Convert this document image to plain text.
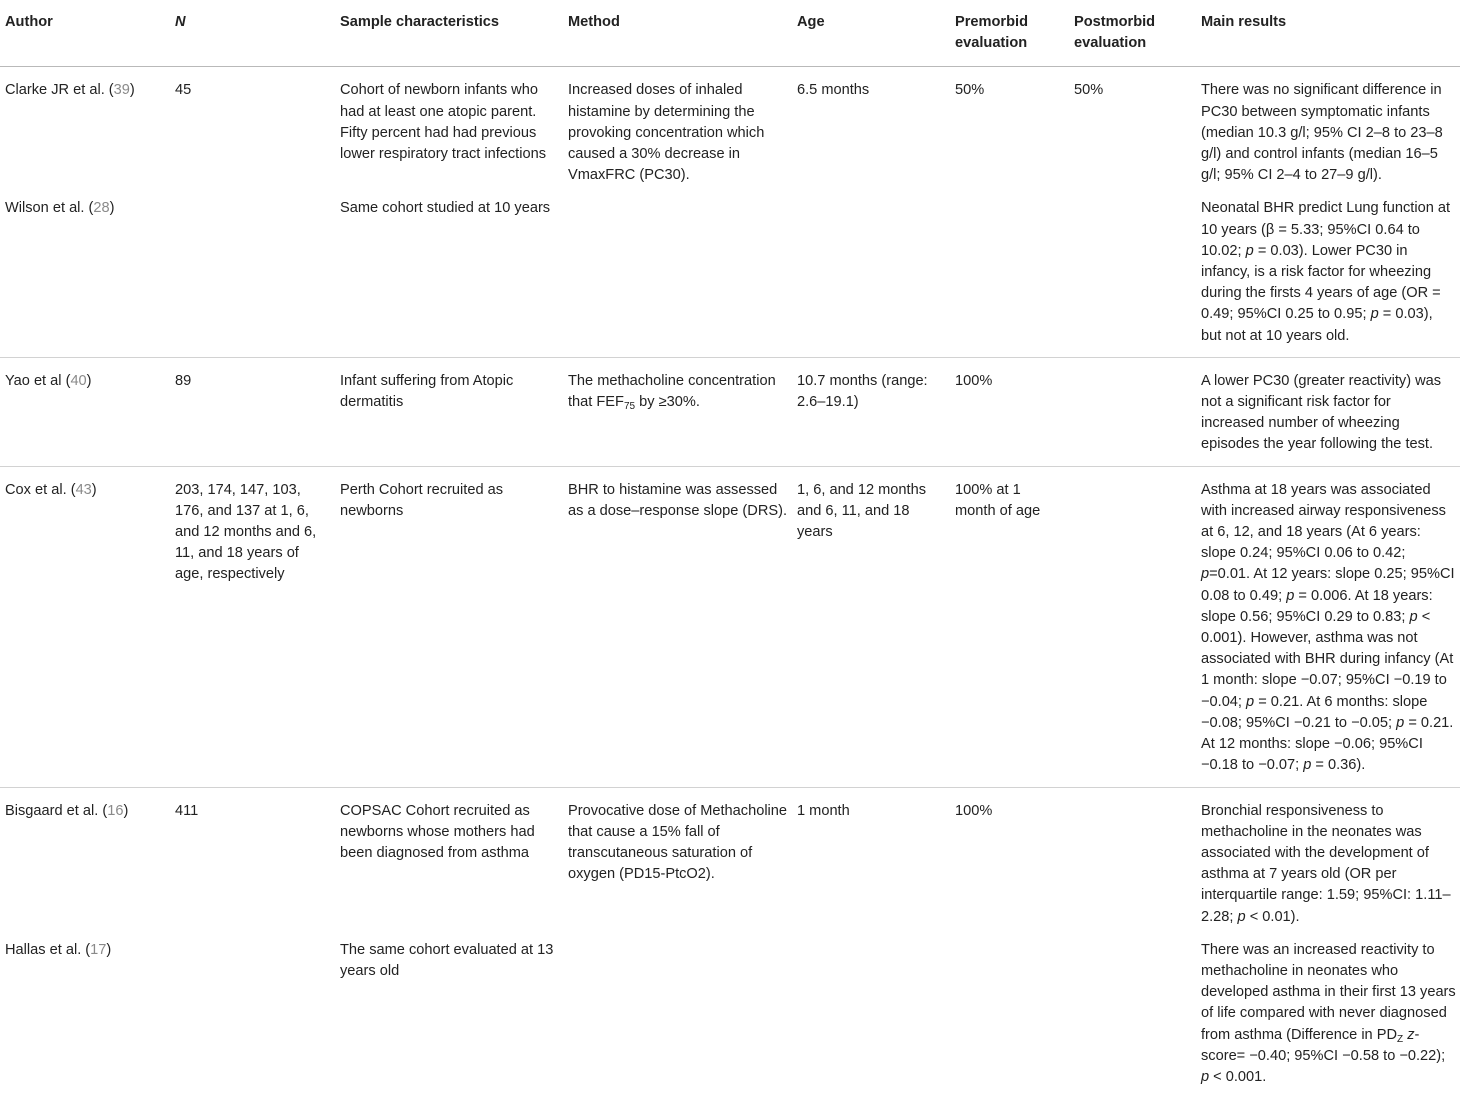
Author	N	Sample characteristics	Method	Age	Premorbid evaluation	Postmorbid evaluation	Main results
Clarke JR et al. (39)	45	Cohort of newborn infants who had at least one atopic parent. Fifty percent had had previous lower respiratory tract infections	Increased doses of inhaled histamine by determining the provoking concentration which caused a 30% decrease in VmaxFRC (PC30).	6.5 months	50%	50%	There was no significant difference in PC30 between symptomatic infants (median 10.3 g/l; 95% CI 2–8 to 23–8 g/l) and control infants (median 16–5 g/l; 95% CI 2–4 to 27–9 g/l).
Wilson et al. (28)		Same cohort studied at 10 years					Neonatal BHR predict Lung function at 10 years (β = 5.33; 95%CI 0.64 to 10.02; p = 0.03). Lower PC30 in infancy, is a risk factor for wheezing during the firsts 4 years of age (OR = 0.49; 95%CI 0.25 to 0.95; p = 0.03), but not at 10 years old.
Yao et al (40)	89	Infant suffering from Atopic dermatitis	The methacholine concentration that $FEF_{75}$ by ≥30%.	10.7 months (range: 2.6–19.1)	100%		A lower PC30 (greater reactivity) was not a significant risk factor for increased number of wheezing episodes the year following the test.
Cox et al. (43)	203, 174, 147, 103, 176, and 137 at 1, 6, and 12 months and 6, 11, and 18 years of age, respectively	Perth Cohort recruited as newborns	BHR to histamine was assessed as a dose–response slope (DRS).	1, 6, and 12 months and 6, 11, and 18 years	100% at 1 month of age		Asthma at 18 years was associated with increased airway responsiveness at 6, 12, and 18 years (At 6 years: slope 0.24; 95%CI 0.06 to 0.42; p=0.01. At 12 years: slope 0.25; 95%CI 0.08 to 0.49; p = 0.006. At 18 years: slope 0.56; 95%CI 0.29 to 0.83; p < 0.001). However, asthma was not associated with BHR during infancy (At 1 month: slope −0.07; 95%CI −0.19 to −0.04; p = 0.21. At 6 months: slope −0.08; 95%CI −0.21 to −0.05; p = 0.21. At 12 months: slope −0.06; 95%CI −0.18 to −0.07; p = 0.36).
Bisgaard et al. (16)	411	COPSAC Cohort recruited as newborns whose mothers had been diagnosed from asthma	Provocative dose of Methacholine that cause a 15% fall of transcutaneous saturation of oxygen (PD15-PtcO2).	1 month	100%		Bronchial responsiveness to methacholine in the neonates was associated with the development of asthma at 7 years old (OR per interquartile range: 1.59; 95%CI: 1.11–2.28; p < 0.01).
Hallas et al. (17)		The same cohort evaluated at 13 years old					There was an increased reactivity to methacholine in neonates who developed asthma in their first 13 years of life compared with never diagnosed from asthma (Difference in $PD_Z$ z-score= −0.40; 95%CI −0.58 to −0.22); p < 0.001.
